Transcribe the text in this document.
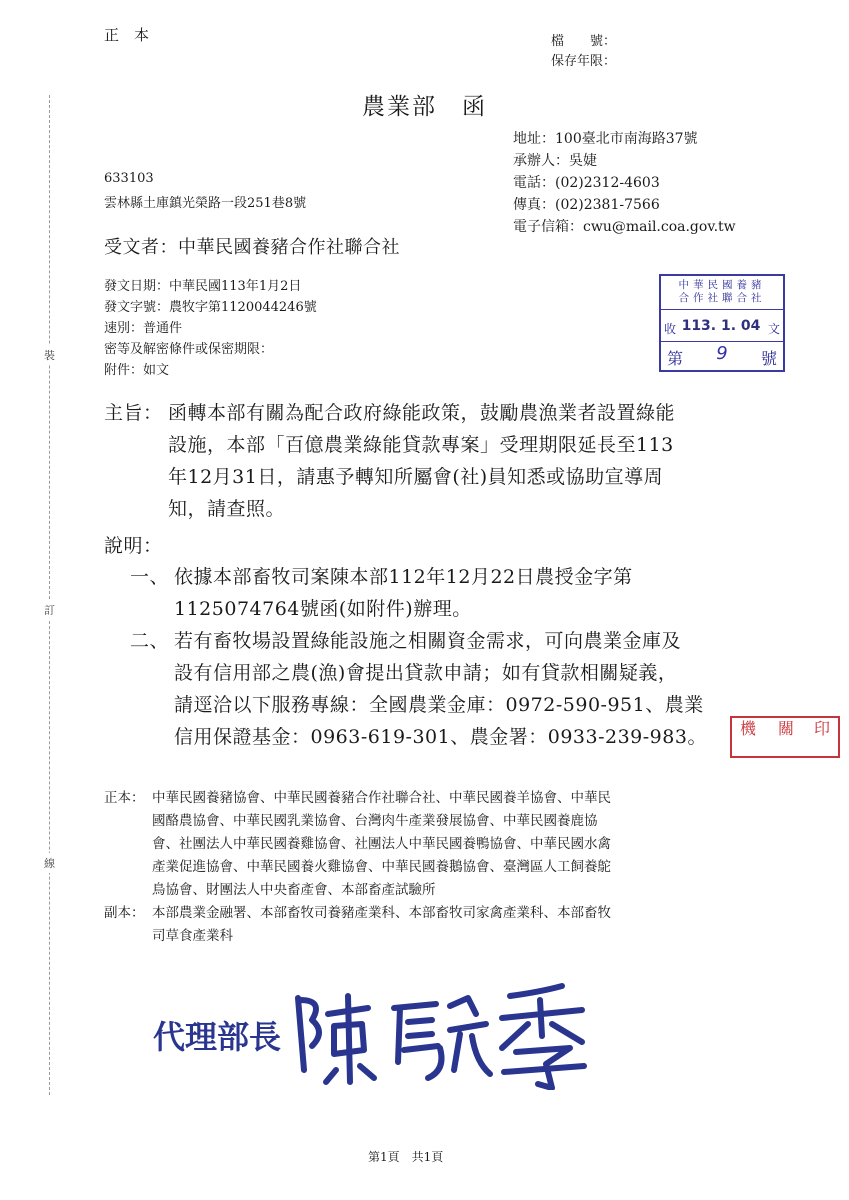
正　本	檔　　號：
保存年限：
裝
訂
線
農業部　函
地址：100臺北市南海路37號
承辦人：吳婕
電話：(02)2312-4603
傳真：(02)2381-7566
電子信箱：cwu@mail.coa.gov.tw
633103
雲林縣土庫鎮光榮路一段251巷8號
受文者：中華民國養豬合作社聯合社
發文日期：中華民國113年1月2日
發文字號：農牧字第1120044246號
速別：普通件
密等及解密條件或保密期限：
附件：如文
中華民國養豬
合作社聯合社
收 113. 1. 04 文
第	9	號
主旨： 函轉本部有關為配合政府綠能政策，鼓勵農漁業者設置綠能
設施，本部「百億農業綠能貸款專案」受理期限延長至113
年12月31日，請惠予轉知所屬會(社)員知悉或協助宣導周
知，請查照。
說明：
一、 依據本部畜牧司案陳本部112年12月22日農授金字第
1125074764號函(如附件)辦理。
二、 若有畜牧場設置綠能設施之相關資金需求，可向農業金庫及
設有信用部之農(漁)會提出貸款申請；如有貸款相關疑義，
請逕洽以下服務專線：全國農業金庫：0972-590-951、農業
信用保證基金：0963-619-301、農金署：0933-239-983。 機 關 印
正本： 中華民國養豬協會、中華民國養豬合作社聯合社、中華民國養羊協會、中華民
國酪農協會、中華民國乳業協會、台灣肉牛產業發展協會、中華民國養鹿協
會、社團法人中華民國養雞協會、社團法人中華民國養鴨協會、中華民國水禽
產業促進協會、中華民國養火雞協會、中華民國養鵝協會、臺灣區人工飼養鴕
鳥協會、財團法人中央畜產會、本部畜產試驗所
副本： 本部農業金融署、本部畜牧司養豬產業科、本部畜牧司家禽產業科、本部畜牧
司草食產業科
代理部長
第1頁　共1頁
